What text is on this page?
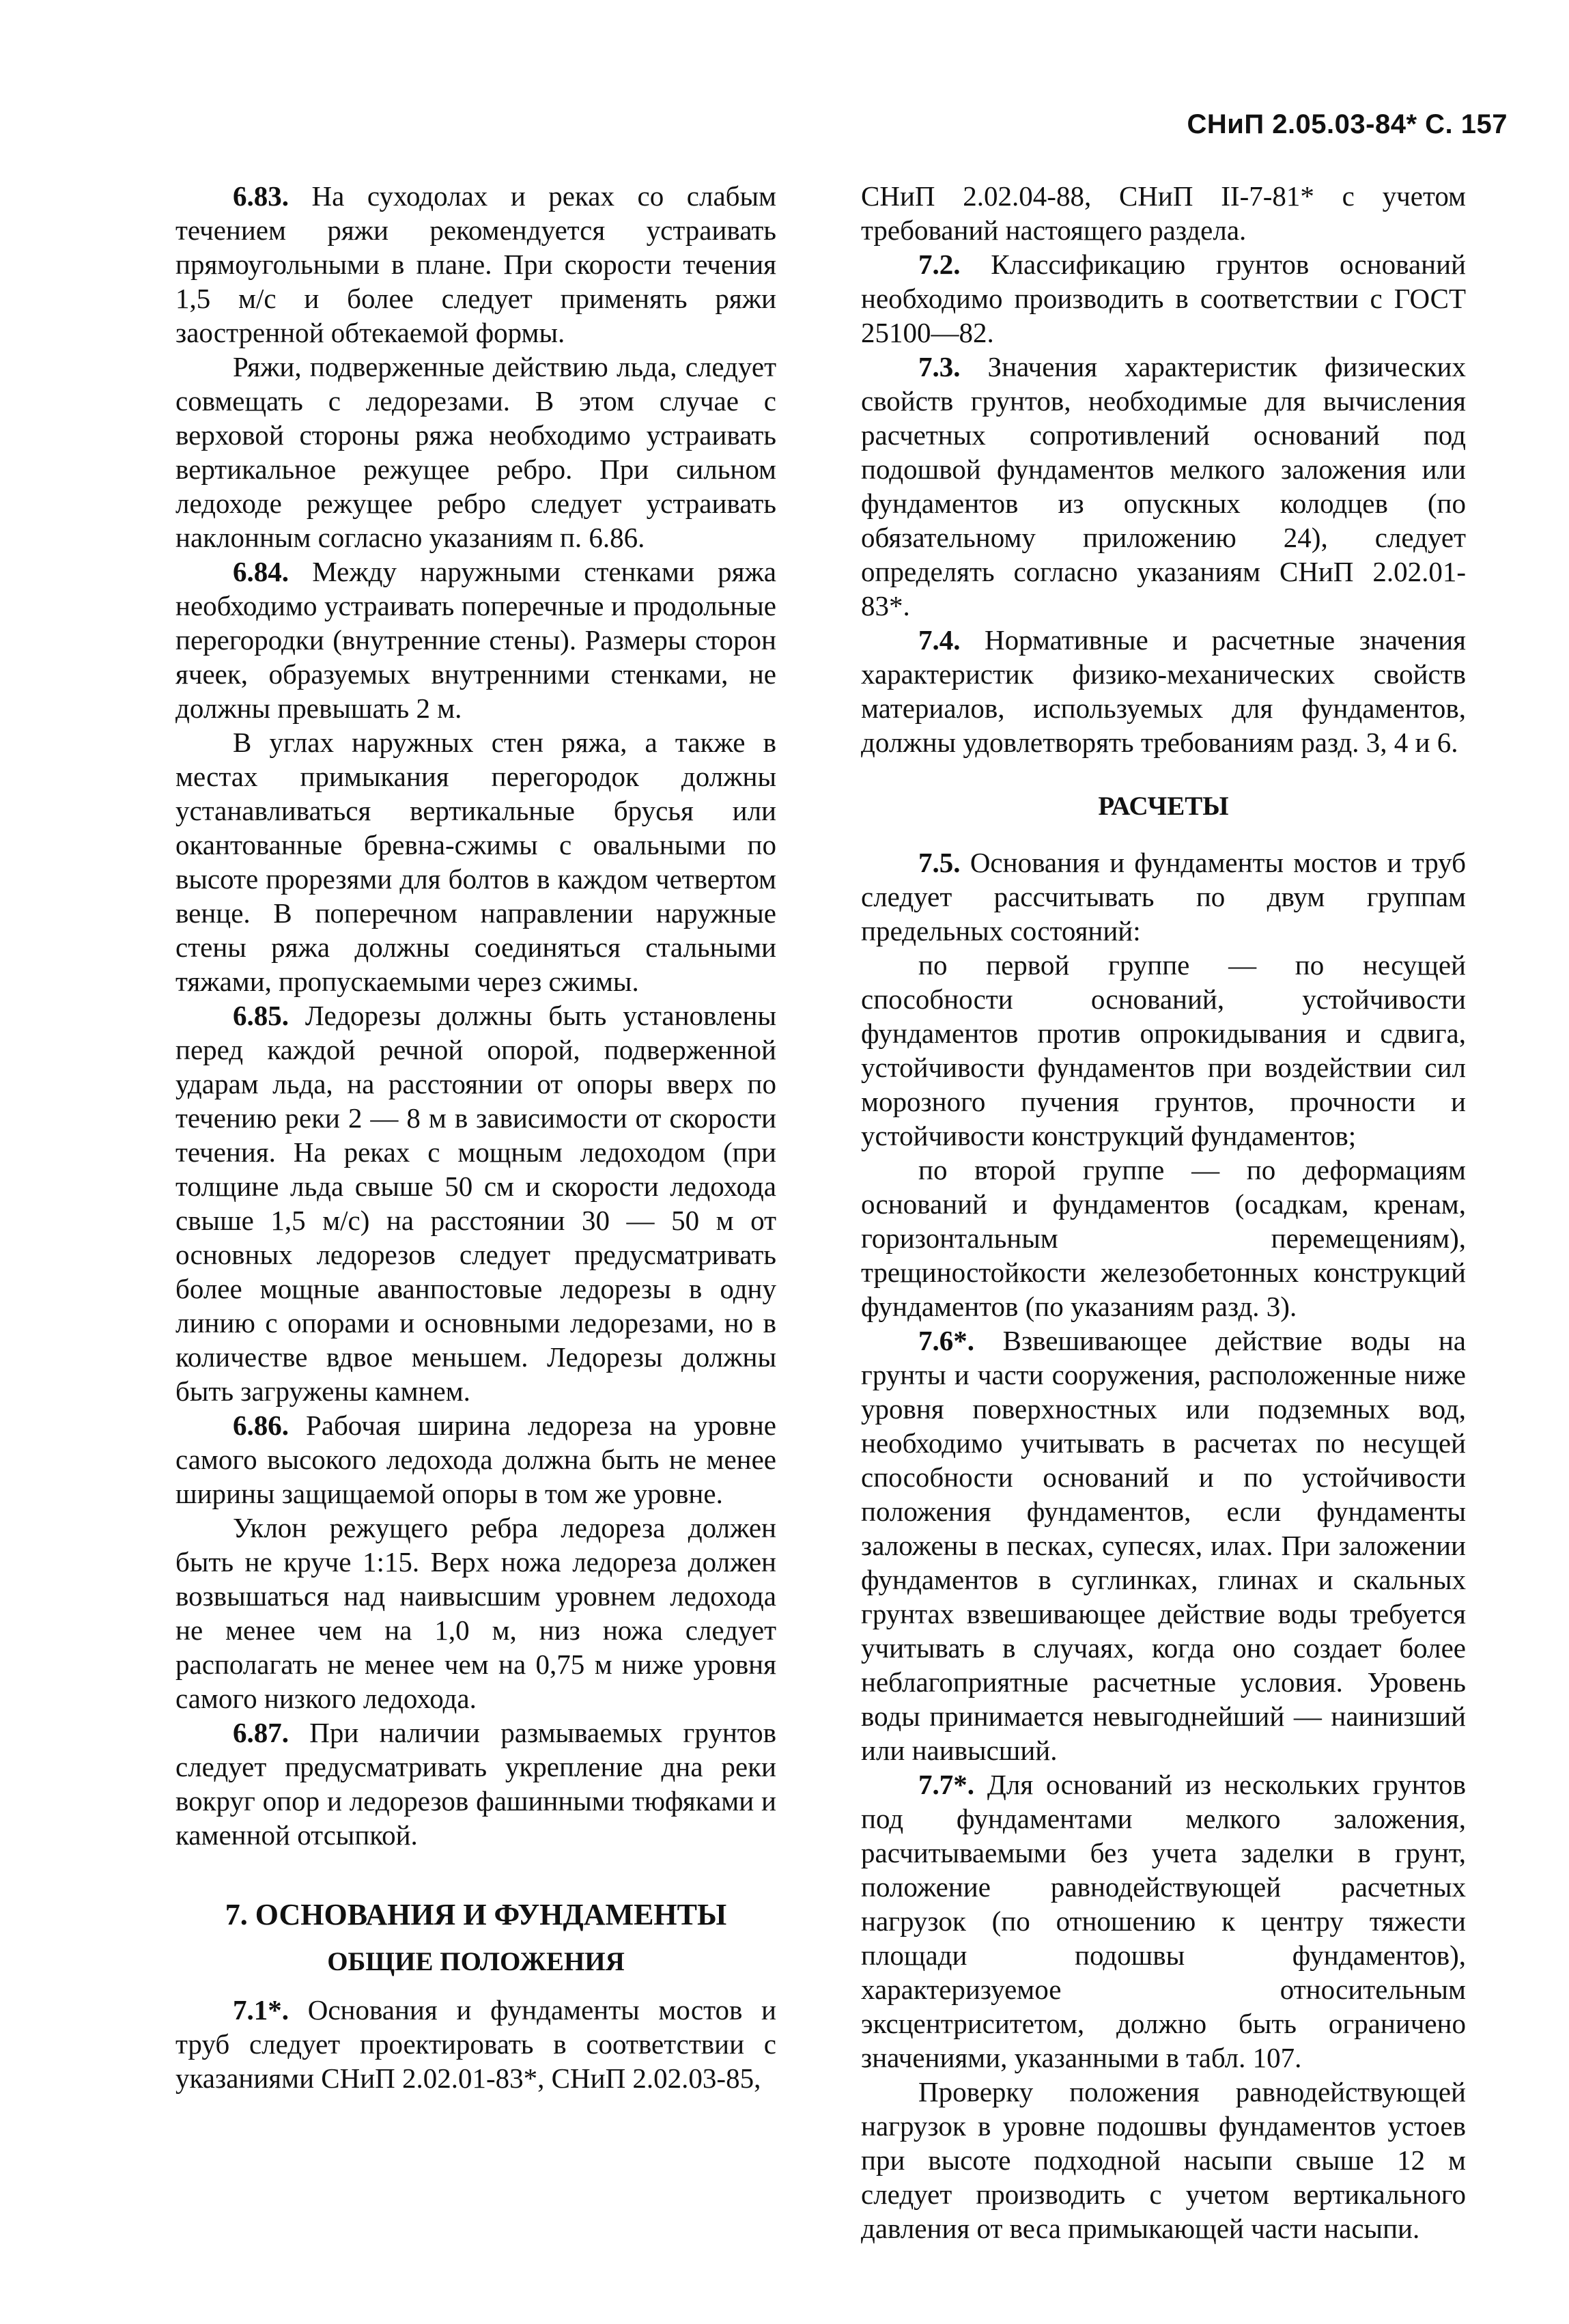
СНиП 2.05.03-84* С. 157

6.83. На суходолах и реках со слабым течением ряжи рекомендуется устраивать прямоугольными в плане. При скорости течения 1,5 м/с и более следует применять ряжи заостренной обтекаемой формы.

Ряжи, подверженные действию льда, следует совмещать с ледорезами. В этом случае с верховой стороны ряжа необходимо устраивать вертикальное режущее ребро. При сильном ледоходе режущее ребро следует устраивать наклонным согласно указаниям п. 6.86.

6.84. Между наружными стенками ряжа необходимо устраивать поперечные и продольные перегородки (внутренние стены). Размеры сторон ячеек, образуемых внутренними стенками, не должны превышать 2 м.

В углах наружных стен ряжа, а также в местах примыкания перегородок должны устанавливаться вертикальные брусья или окантованные бревна-сжимы с овальными по высоте прорезями для болтов в каждом четвертом венце. В поперечном направлении наружные стены ряжа должны соединяться стальными тяжами, пропускаемыми через сжимы.

6.85. Ледорезы должны быть установлены перед каждой речной опорой, подверженной ударам льда, на расстоянии от опоры вверх по течению реки 2 — 8 м в зависимости от скорости течения. На реках с мощным ледоходом (при толщине льда свыше 50 см и скорости ледохода свыше 1,5 м/с) на расстоянии 30 — 50 м от основных ледорезов следует предусматривать более мощные аванпостовые ледорезы в одну линию с опорами и основными ледорезами, но в количестве вдвое меньшем. Ледорезы должны быть загружены камнем.

6.86. Рабочая ширина ледореза на уровне самого высокого ледохода должна быть не менее ширины защищаемой опоры в том же уровне.

Уклон режущего ребра ледореза должен быть не круче 1:15. Верх ножа ледореза должен возвышаться над наивысшим уровнем ледохода не менее чем на 1,0 м, низ ножа следует располагать не менее чем на 0,75 м ниже уровня самого низкого ледохода.

6.87. При наличии размываемых грунтов следует предусматривать укрепление дна реки вокруг опор и ледорезов фашинными тюфяками и каменной отсыпкой.

7. ОСНОВАНИЯ И ФУНДАМЕНТЫ
ОБЩИЕ ПОЛОЖЕНИЯ

7.1*. Основания и фундаменты мостов и труб следует проектировать в соответствии с указаниями СНиП 2.02.01-83*, СНиП 2.02.03-85,

СНиП 2.02.04-88, СНиП II-7-81* с учетом требований настоящего раздела.

7.2. Классификацию грунтов оснований необходимо производить в соответствии с ГОСТ 25100—82.

7.3. Значения характеристик физических свойств грунтов, необходимые для вычисления расчетных сопротивлений оснований под подошвой фундаментов мелкого заложения или фундаментов из опускных колодцев (по обязательному приложению 24), следует определять согласно указаниям СНиП 2.02.01-83*.

7.4. Нормативные и расчетные значения характеристик физико-механических свойств материалов, используемых для фундаментов, должны удовлетворять требованиям разд. 3, 4 и 6.

РАСЧЕТЫ

7.5. Основания и фундаменты мостов и труб следует рассчитывать по двум группам предельных состояний:

по первой группе — по несущей способности оснований, устойчивости фундаментов против опрокидывания и сдвига, устойчивости фундаментов при воздействии сил морозного пучения грунтов, прочности и устойчивости конструкций фундаментов;

по второй группе — по деформациям оснований и фундаментов (осадкам, кренам, горизонтальным перемещениям), трещиностойкости железобетонных конструкций фундаментов (по указаниям разд. 3).

7.6*. Взвешивающее действие воды на грунты и части сооружения, расположенные ниже уровня поверхностных или подземных вод, необходимо учитывать в расчетах по несущей способности оснований и по устойчивости положения фундаментов, если фундаменты заложены в песках, супесях, илах. При заложении фундаментов в суглинках, глинах и скальных грунтах взвешивающее действие воды требуется учитывать в случаях, когда оно создает более неблагоприятные расчетные условия. Уровень воды принимается невыгоднейший — наинизший или наивысший.

7.7*. Для оснований из нескольких грунтов под фундаментами мелкого заложения, расчитываемыми без учета заделки в грунт, положение равнодействующей расчетных нагрузок (по отношению к центру тяжести площади подошвы фундаментов), характеризуемое относительным эксцентриситетом, должно быть ограничено значениями, указанными в табл. 107.

Проверку положения равнодействующей нагрузок в уровне подошвы фундаментов устоев при высоте подходной насыпи свыше 12 м следует производить с учетом вертикального давления от веса примыкающей части насыпи.
